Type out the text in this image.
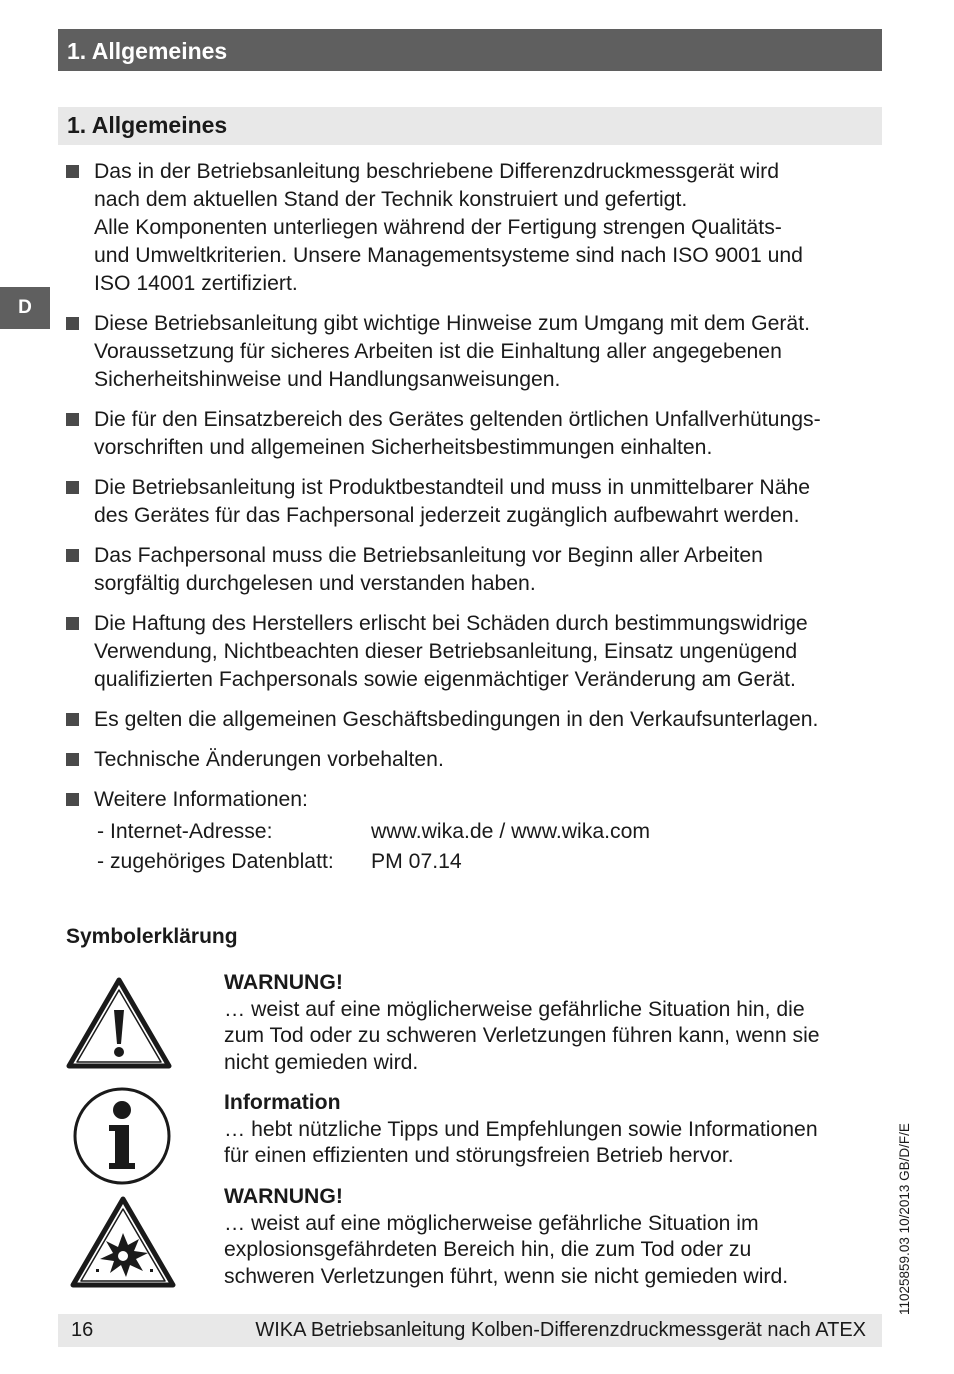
1. Allgemeines
1. Allgemeines
D
Das in der Betriebsanleitung beschriebene Differenzdruckmessgerät wird
nach dem aktuellen Stand der Technik konstruiert und gefertigt.
Alle Komponenten unterliegen während der Fertigung strengen Qualitäts-
und Umweltkriterien. Unsere Managementsysteme sind nach ISO 9001 und
ISO 14001 zertifiziert.
Diese Betriebsanleitung gibt wichtige Hinweise zum Umgang mit dem Gerät.
Voraussetzung für sicheres Arbeiten ist die Einhaltung aller angegebenen
Sicherheitshinweise und Handlungsanweisungen.
Die für den Einsatzbereich des Gerätes geltenden örtlichen Unfallverhütungs-
vorschriften und allgemeinen Sicherheitsbestimmungen einhalten.
Die Betriebsanleitung ist Produktbestandteil und muss in unmittelbarer Nähe
des Gerätes für das Fachpersonal jederzeit zugänglich aufbewahrt werden.
Das Fachpersonal muss die Betriebsanleitung vor Beginn aller Arbeiten
sorgfältig durchgelesen und verstanden haben.
Die Haftung des Herstellers erlischt bei Schäden durch bestimmungswidrige
Verwendung, Nichtbeachten dieser Betriebsanleitung, Einsatz ungenügend
qualifizierten Fachpersonals sowie eigenmächtiger Veränderung am Gerät.
Es gelten die allgemeinen Geschäftsbedingungen in den Verkaufsunterlagen.
Technische Änderungen vorbehalten.
Weitere Informationen:
- Internet-Adresse:	www.wika.de / www.wika.com
- zugehöriges Datenblatt:	PM 07.14
Symbolerklärung
WARNUNG!
… weist auf eine möglicherweise gefährliche Situation hin, die
zum Tod oder zu schweren Verletzungen führen kann, wenn sie
nicht gemieden wird.
Information
… hebt nützliche Tipps und Empfehlungen sowie Informationen
für einen effizienten und störungsfreien Betrieb hervor.
WARNUNG!
… weist auf eine möglicherweise gefährliche Situation im
explosionsgefährdeten Bereich hin, die zum Tod oder zu
schweren Verletzungen führt, wenn sie nicht gemieden wird.	11025859.03 10/2013 GB/D/F/E
16	WIKA Betriebsanleitung Kolben-Differenzdruckmessgerät nach ATEX
